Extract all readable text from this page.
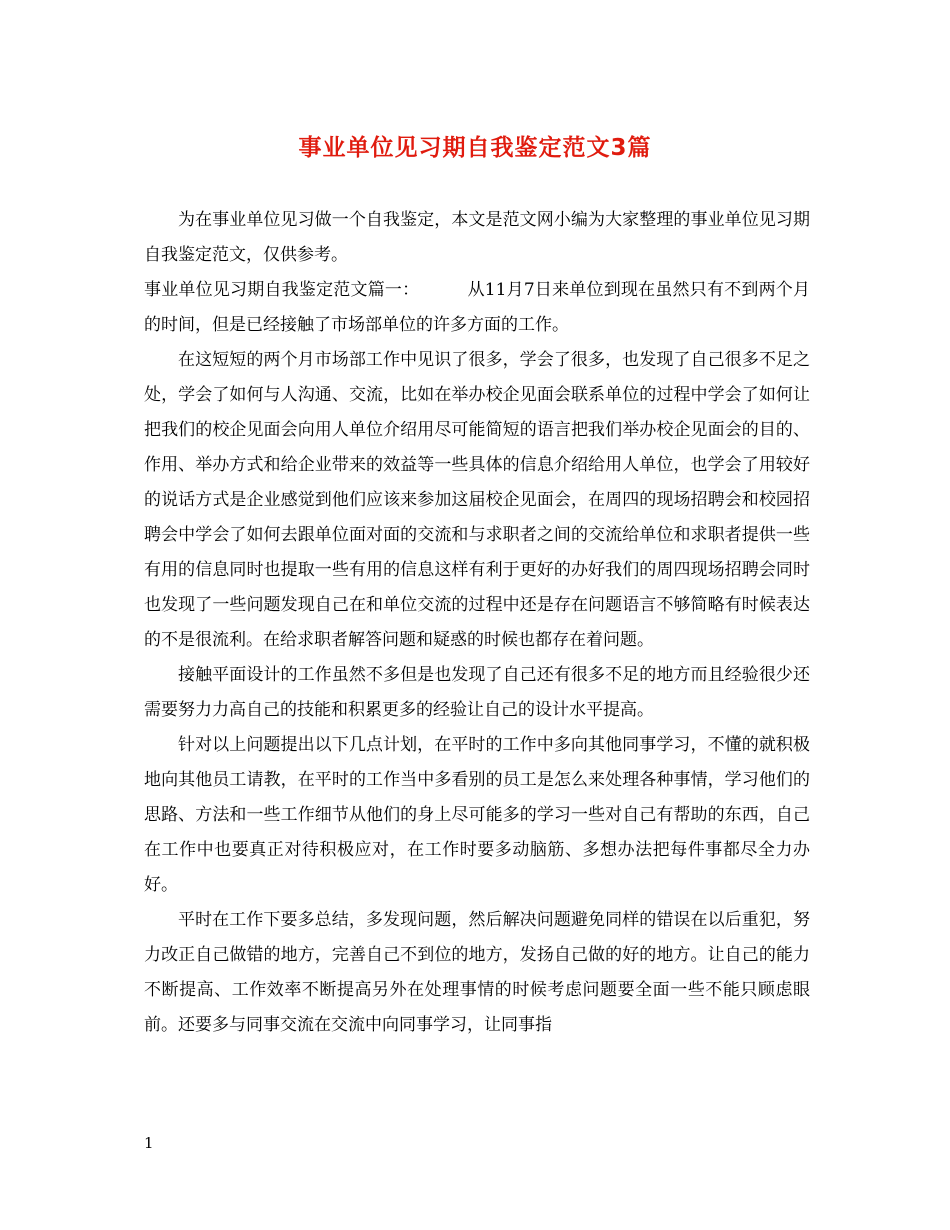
事业单位见习期自我鉴定范文3篇

为在事业单位见习做一个自我鉴定，本文是范文网小编为大家整理的事业单位见习期自我鉴定范文，仅供参考。

事业单位见习期自我鉴定范文篇一：	从11月7日来单位到现在虽然只有不到两个月的时间，但是已经接触了市场部单位的许多方面的工作。

在这短短的两个月市场部工作中见识了很多，学会了很多，也发现了自己很多不足之处，学会了如何与人沟通、交流，比如在举办校企见面会联系单位的过程中学会了如何让把我们的校企见面会向用人单位介绍用尽可能简短的语言把我们举办校企见面会的目的、作用、举办方式和给企业带来的效益等一些具体的信息介绍给用人单位，也学会了用较好的说话方式是企业感觉到他们应该来参加这届校企见面会，在周四的现场招聘会和校园招聘会中学会了如何去跟单位面对面的交流和与求职者之间的交流给单位和求职者提供一些有用的信息同时也提取一些有用的信息这样有利于更好的办好我们的周四现场招聘会同时也发现了一些问题发现自己在和单位交流的过程中还是存在问题语言不够简略有时候表达的不是很流利。在给求职者解答问题和疑惑的时候也都存在着问题。

接触平面设计的工作虽然不多但是也发现了自己还有很多不足的地方而且经验很少还需要努力力高自己的技能和积累更多的经验让自己的设计水平提高。

针对以上问题提出以下几点计划，在平时的工作中多向其他同事学习，不懂的就积极地向其他员工请教，在平时的工作当中多看别的员工是怎么来处理各种事情，学习他们的思路、方法和一些工作细节从他们的身上尽可能多的学习一些对自己有帮助的东西，自己在工作中也要真正对待积极应对，在工作时要多动脑筋、多想办法把每件事都尽全力办好。

平时在工作下要多总结，多发现问题，然后解决问题避免同样的错误在以后重犯，努力改正自己做错的地方，完善自己不到位的地方，发扬自己做的好的地方。让自己的能力不断提高、工作效率不断提高另外在处理事情的时候考虑问题要全面一些不能只顾虑眼前。还要多与同事交流在交流中向同事学习，让同事指

1
